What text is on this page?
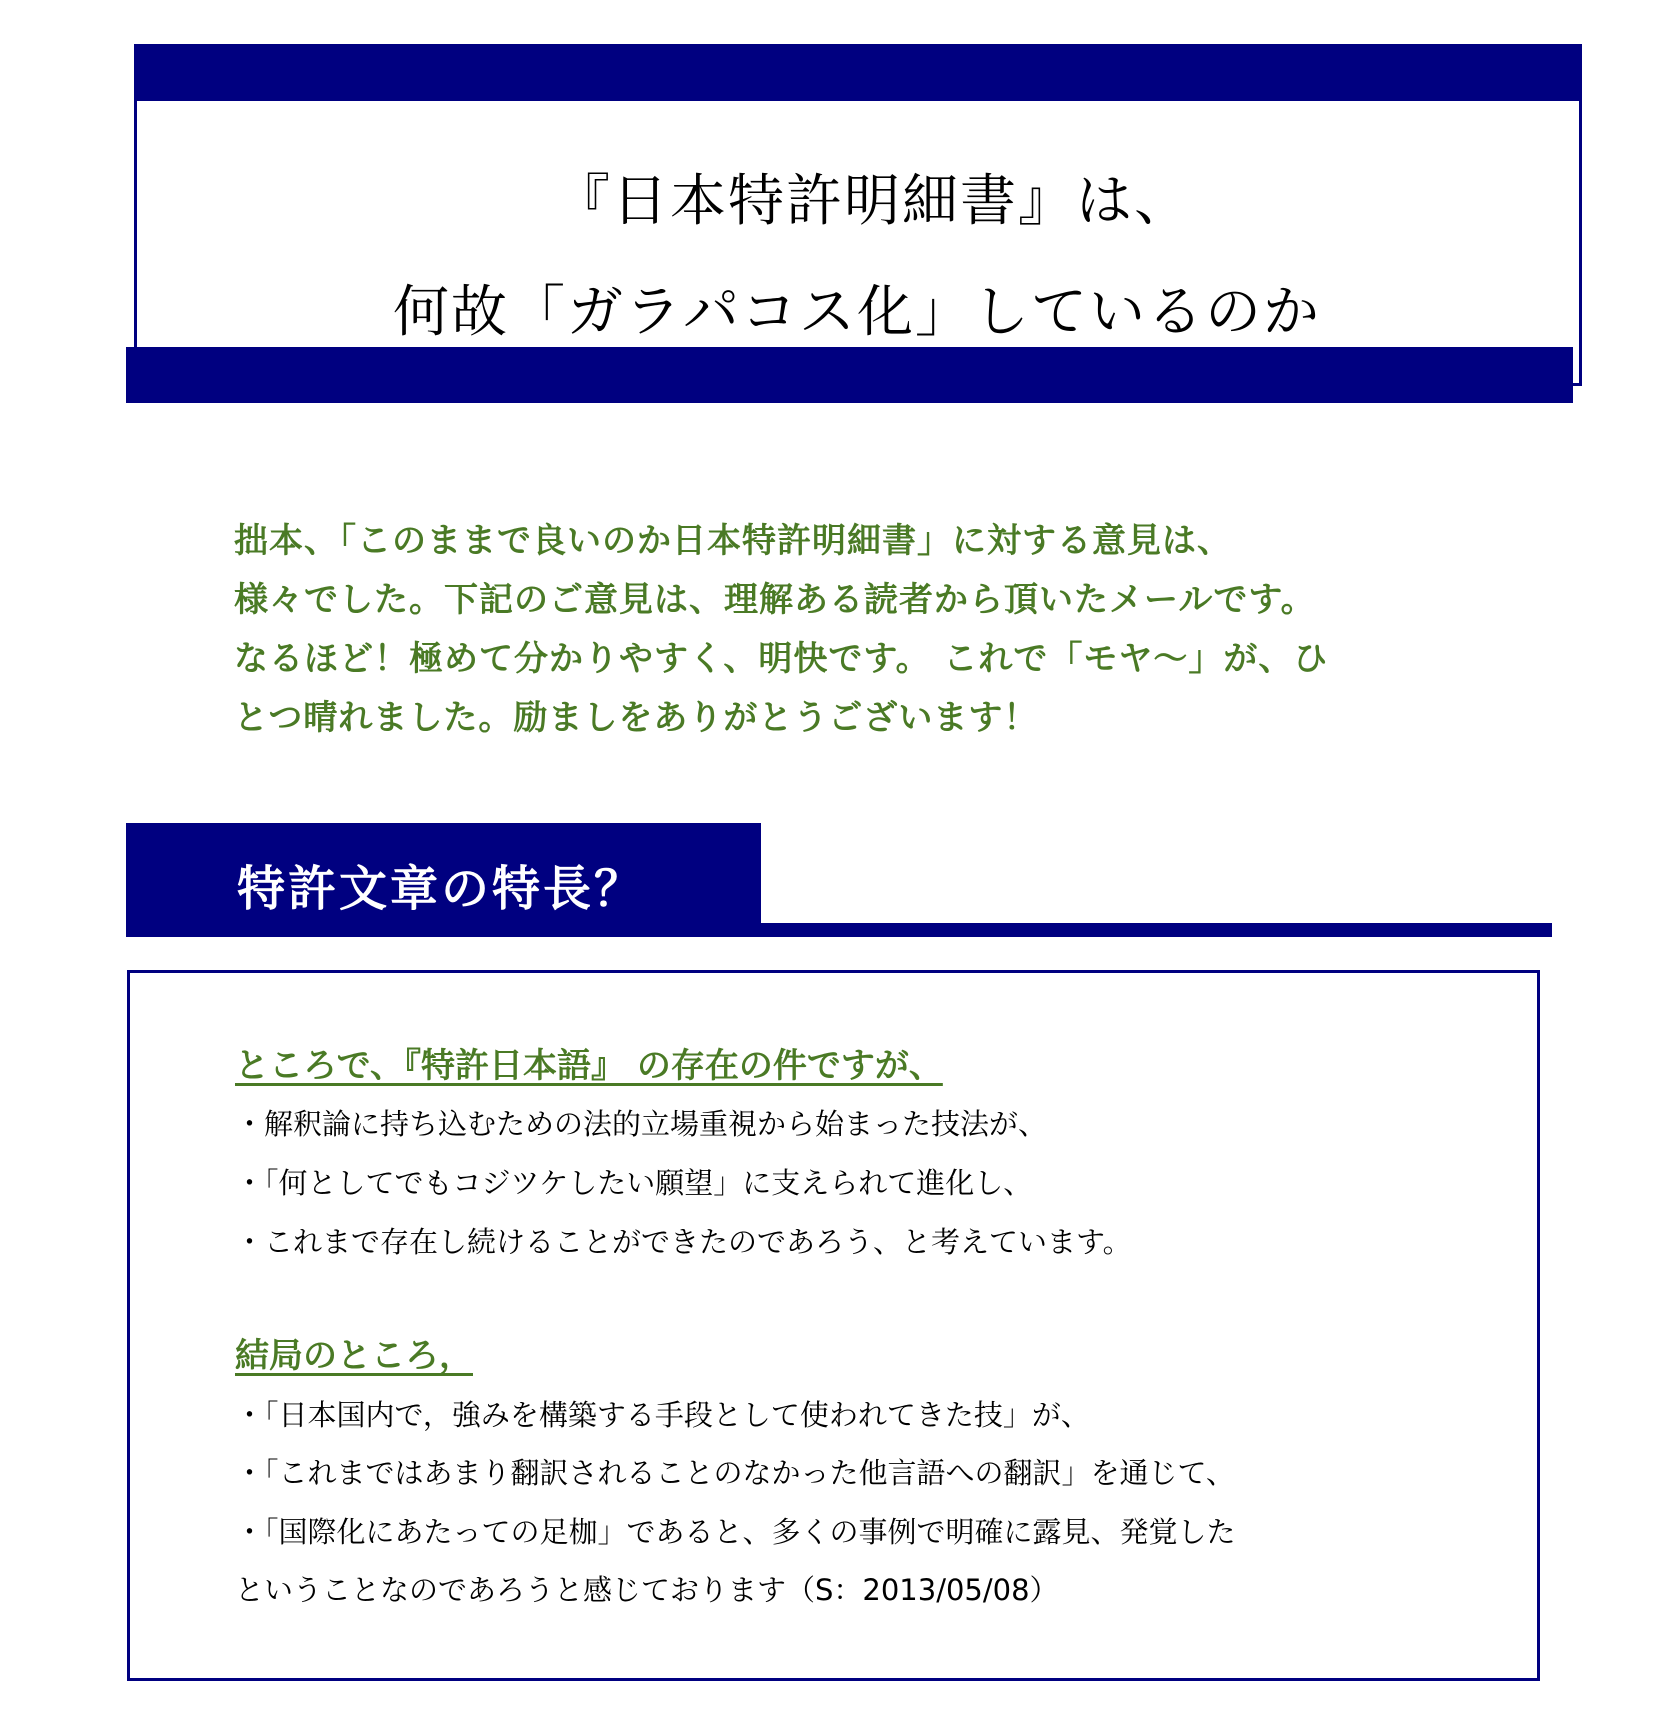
『日本特許明細書』は、
何故「ガラパコス化」しているのか
拙本、「このままで良いのか日本特許明細書」に対する意見は、
様々でした。下記のご意見は、理解ある読者から頂いたメールです。
なるほど！極めて分かりやすく、明快です。 これで「モヤ～」が、ひ
とつ晴れました。励ましをありがとうございます！
特許文章の特長？
ところで、『特許日本語』 の存在の件ですが、
・解釈論に持ち込むための法的立場重視から始まった技法が、
・「何としてでもコジツケしたい願望」に支えられて進化し、
・これまで存在し続けることができたのであろう、と考えています。
結局のところ，
・「日本国内で，強みを構築する手段として使われてきた技」が、
・「これまではあまり翻訳されることのなかった他言語への翻訳」を通じて、
・「国際化にあたっての足枷」であると、多くの事例で明確に露見、発覚した
ということなのであろうと感じております（S：2013/05/08）
